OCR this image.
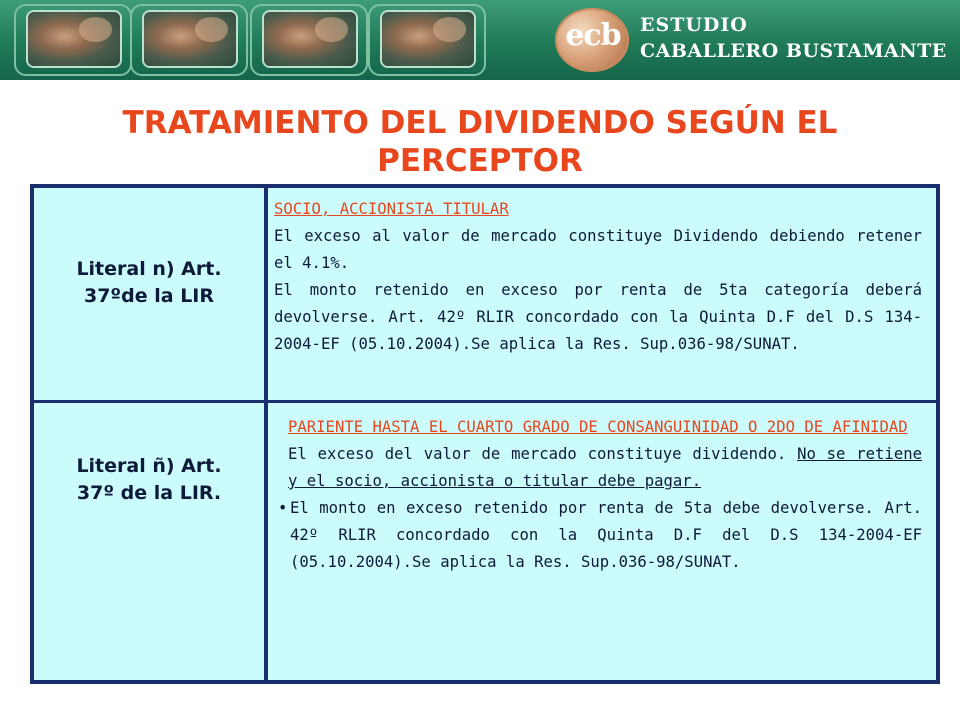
ecb ESTUDIO
CABALLERO BUSTAMANTE
TRATAMIENTO DEL DIVIDENDO SEGÚN EL PERCEPTOR
Literal n) Art.
37ºde la LIR
SOCIO, ACCIONISTA TITULAR
El exceso al valor de mercado constituye Dividendo debiendo retener el 4.1%.
El monto retenido en exceso por renta de 5ta categoría deberá devolverse. Art. 42º RLIR concordado con la Quinta D.F del D.S 134-2004-EF (05.10.2004).Se aplica la Res. Sup.036-98/SUNAT.
Literal ñ) Art.
37º de la LIR.
PARIENTE HASTA EL CUARTO GRADO DE CONSANGUINIDAD O 2DO DE AFINIDAD
El exceso del valor de mercado constituye dividendo. No se retiene y el socio, accionista o titular debe pagar.
• El monto en exceso retenido por renta de 5ta debe devolverse. Art. 42º RLIR concordado con la Quinta D.F del D.S 134-2004-EF (05.10.2004).Se aplica la Res. Sup.036-98/SUNAT.
